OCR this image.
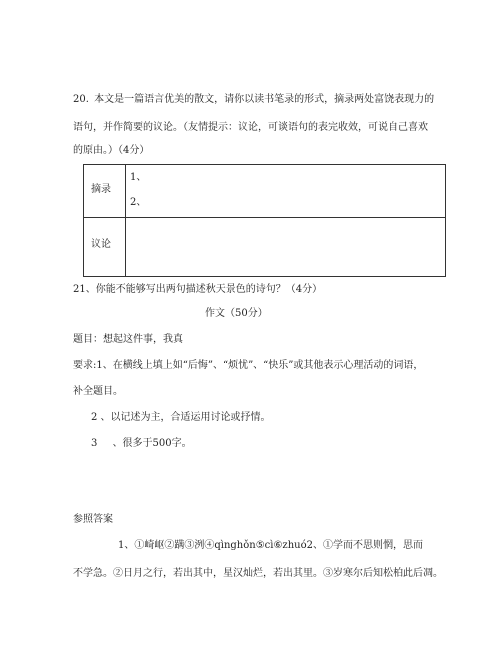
20. 本文是一篇语言优美的散文，请你以读书笔录的形式，摘录两处富饶表现力的
语句，并作简要的议论。（友情提示：议论，可谈语句的表完收效，可说自己喜欢
的原由。）（4分）
摘录
1、
2、
议论
21、你能不能够写出两句描述秋天景色的诗句？（4分）
作文（50分）
题目：想起这件事，我真
要求:1、在横线上填上如“后悔”、“烦忧”、“快乐”或其他表示心理活动的词语，
补全题目。
2 、以记述为主，合适运用讨论或抒情。
3 、很多于500字。
参照答案
1、①崎岖②蹒③洌④qìnghǒn⑤cì⑥zhuó2、①学而不思则惘，思而
不学急。②日月之行，若出其中，星汉灿烂，若出其里。③岁寒尔后知松柏此后凋。
